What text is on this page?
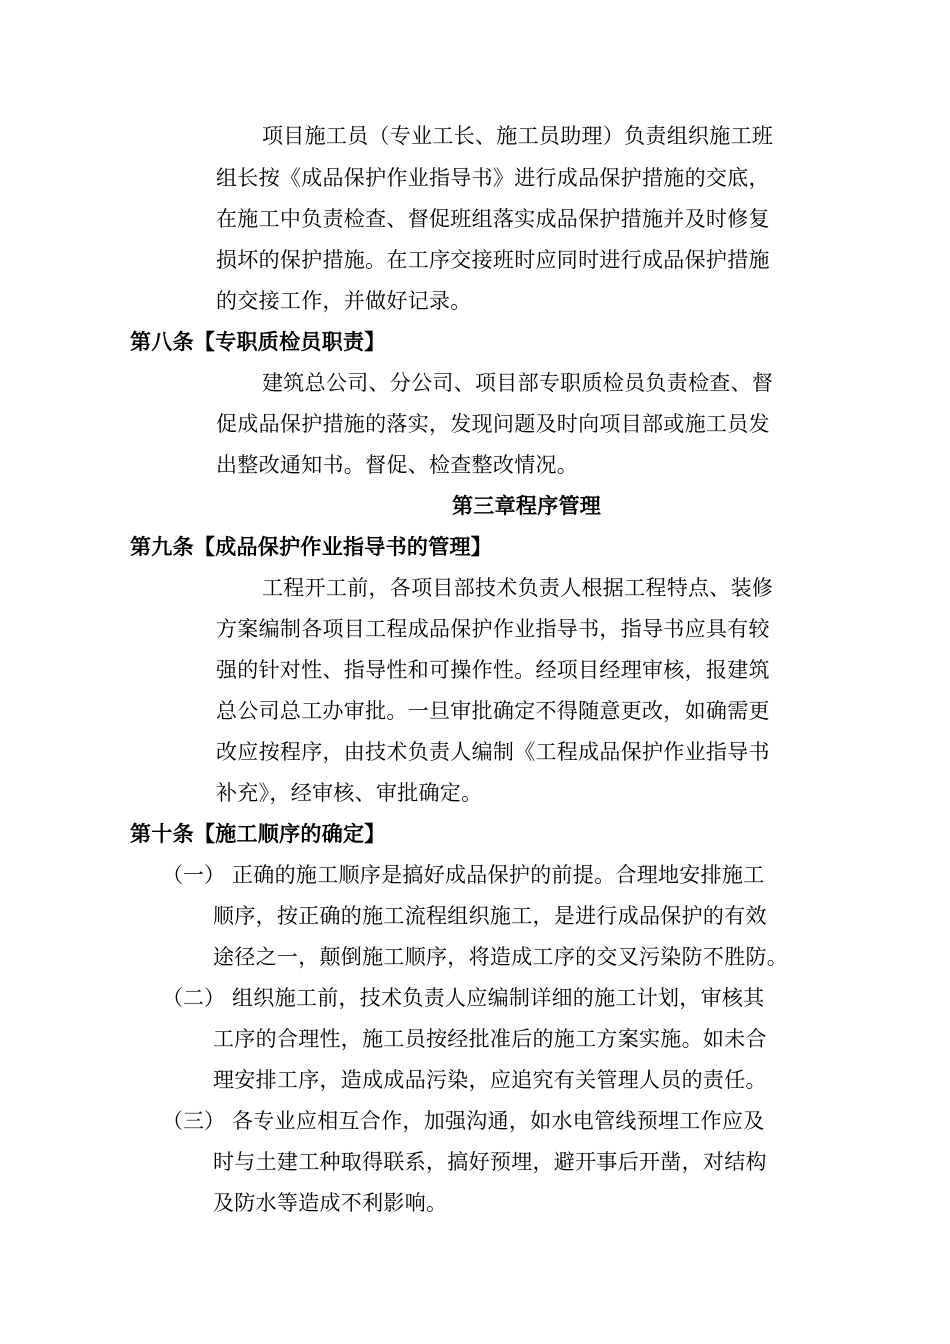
项目施工员（专业工长、施工员助理）负责组织施工班
组长按《成品保护作业指导书》进行成品保护措施的交底，
在施工中负责检查、督促班组落实成品保护措施并及时修复
损坏的保护措施。在工序交接班时应同时进行成品保护措施
的交接工作，并做好记录。
第八条【专职质检员职责】
建筑总公司、分公司、项目部专职质检员负责检查、督
促成品保护措施的落实，发现问题及时向项目部或施工员发
出整改通知书。督促、检查整改情况。
第三章程序管理
第九条【成品保护作业指导书的管理】
工程开工前，各项目部技术负责人根据工程特点、装修
方案编制各项目工程成品保护作业指导书，指导书应具有较
强的针对性、指导性和可操作性。经项目经理审核，报建筑
总公司总工办审批。一旦审批确定不得随意更改，如确需更
改应按程序，由技术负责人编制《工程成品保护作业指导书
补充》，经审核、审批确定。
第十条【施工顺序的确定】
（一） 正确的施工顺序是搞好成品保护的前提。合理地安排施工
顺序，按正确的施工流程组织施工，是进行成品保护的有效
途径之一，颠倒施工顺序，将造成工序的交叉污染防不胜防。
（二） 组织施工前，技术负责人应编制详细的施工计划，审核其
工序的合理性，施工员按经批准后的施工方案实施。如未合
理安排工序，造成成品污染，应追究有关管理人员的责任。
（三） 各专业应相互合作，加强沟通，如水电管线预埋工作应及
时与土建工种取得联系，搞好预埋，避开事后开凿，对结构
及防水等造成不利影响。
